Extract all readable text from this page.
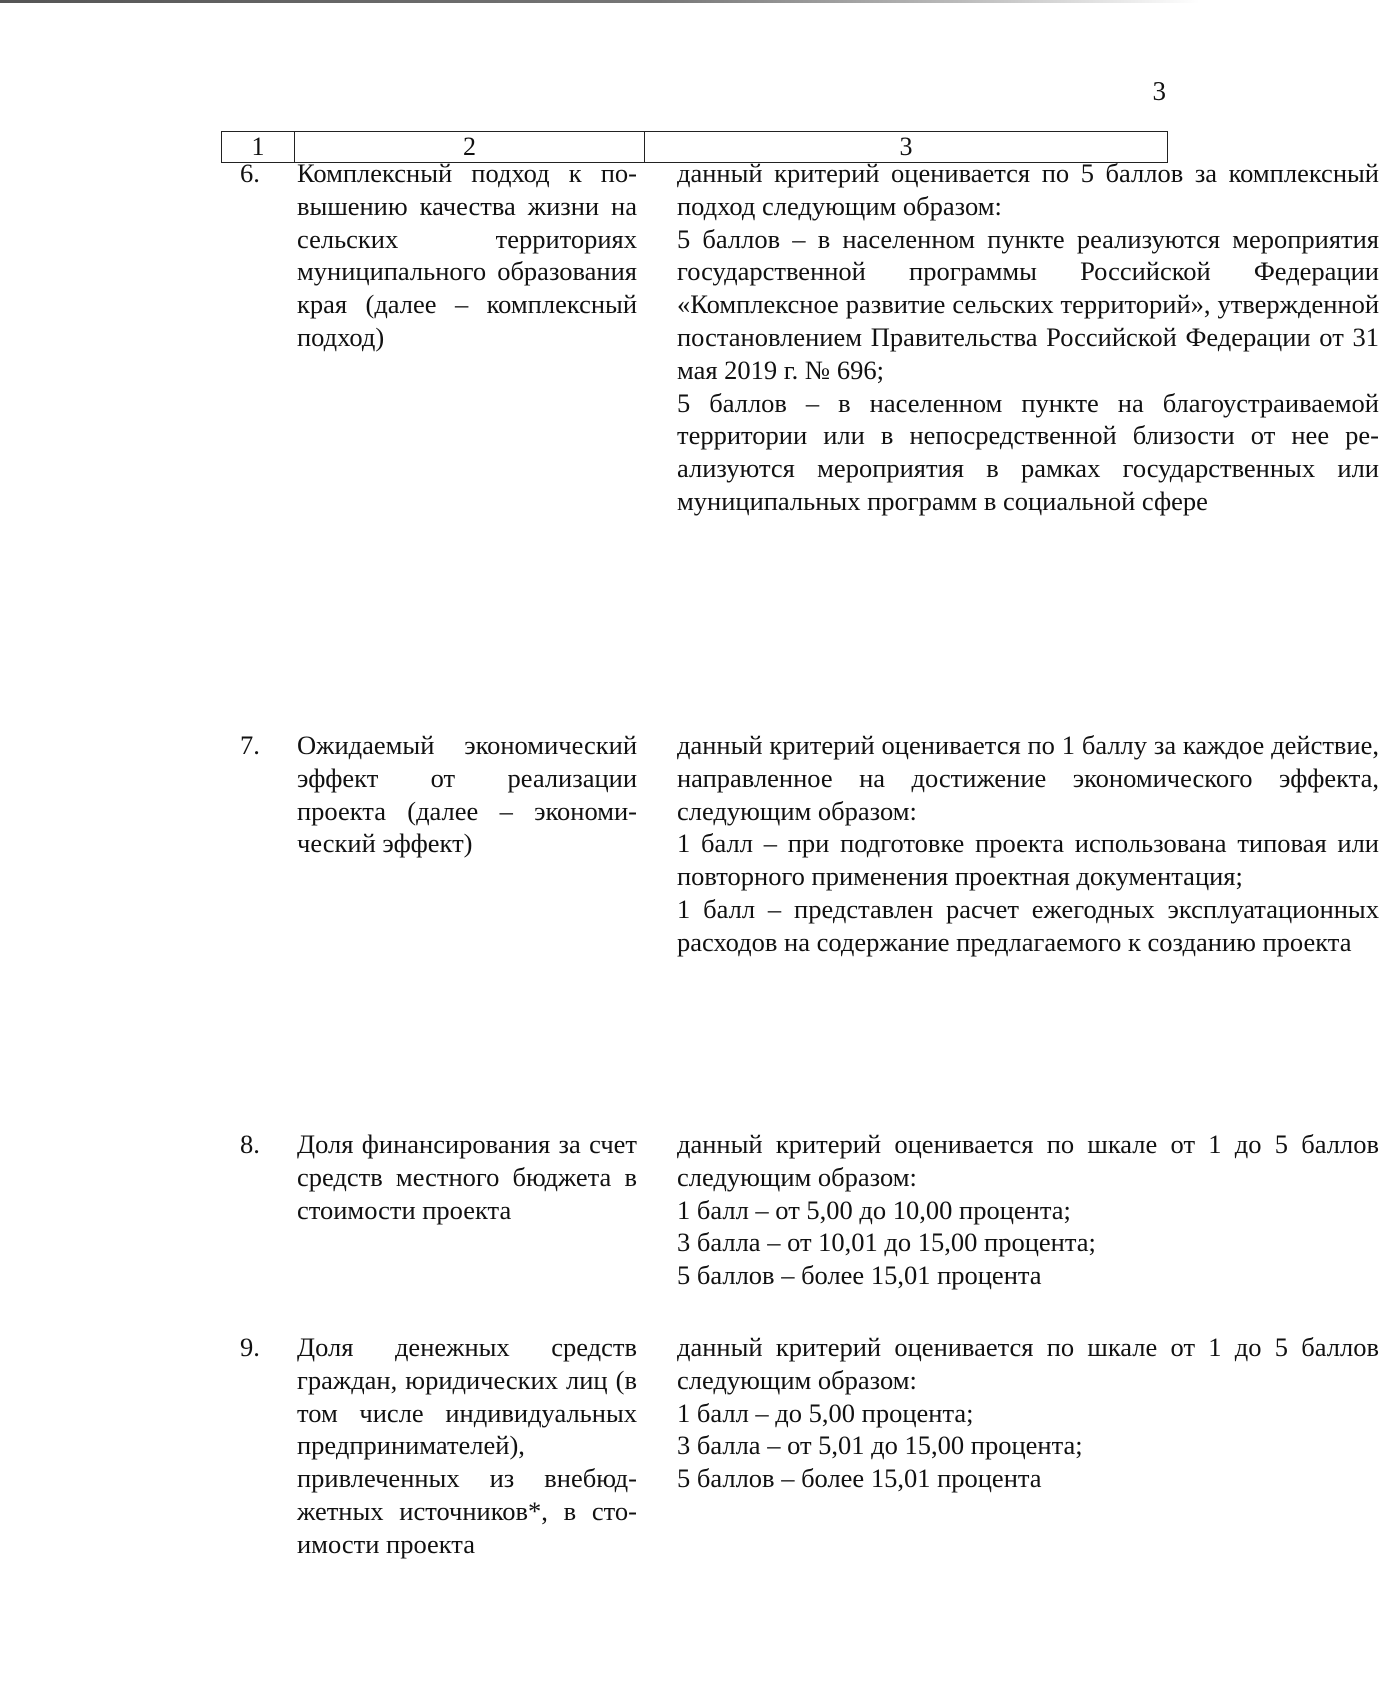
3
1	2	3
6. Комплексный подход к повышению качества жизни на сельских территориях муниципального образования края (далее – комплексный подход)

данный критерий оценивается по 5 баллов за комплексный подход следующим образом:

5 баллов – в населенном пункте реализуются мероприятия государственной программы Российской Федерации «Комплексное развитие сельских территорий», утвержденной постановлением Правительства Российской Федерации от 31 мая 2019 г. № 696;

5 баллов – в населенном пункте на благоустраиваемой территории или в непосредственной близости от нее реализуются мероприятия в рамках государственных или муниципальных программ в социальной сфере

7. Ожидаемый экономический эффект от реализации проекта (далее – экономический эффект)

данный критерий оценивается по 1 баллу за каждое действие, направленное на достижение экономического эффекта, следующим образом:

1 балл – при подготовке проекта использована типовая или повторного применения проектная документация;

1 балл – представлен расчет ежегодных эксплуатационных расходов на содержание предлагаемого к созданию проекта

8. Доля финансирования за счет средств местного бюджета в стоимости проекта

данный критерий оценивается по шкале от 1 до 5 баллов следующим образом:

1 балл – от 5,00 до 10,00 процента;

3 балла – от 10,01 до 15,00 процента;

5 баллов – более 15,01 процента

9. Доля денежных средств граждан, юридических лиц (в том числе индивидуальных предпринимателей), привлеченных из внебюджетных источников*, в стоимости проекта

данный критерий оценивается по шкале от 1 до 5 баллов следующим образом:

1 балл – до 5,00 процента;

3 балла – от 5,01 до 15,00 процента;

5 баллов – более 15,01 процента
